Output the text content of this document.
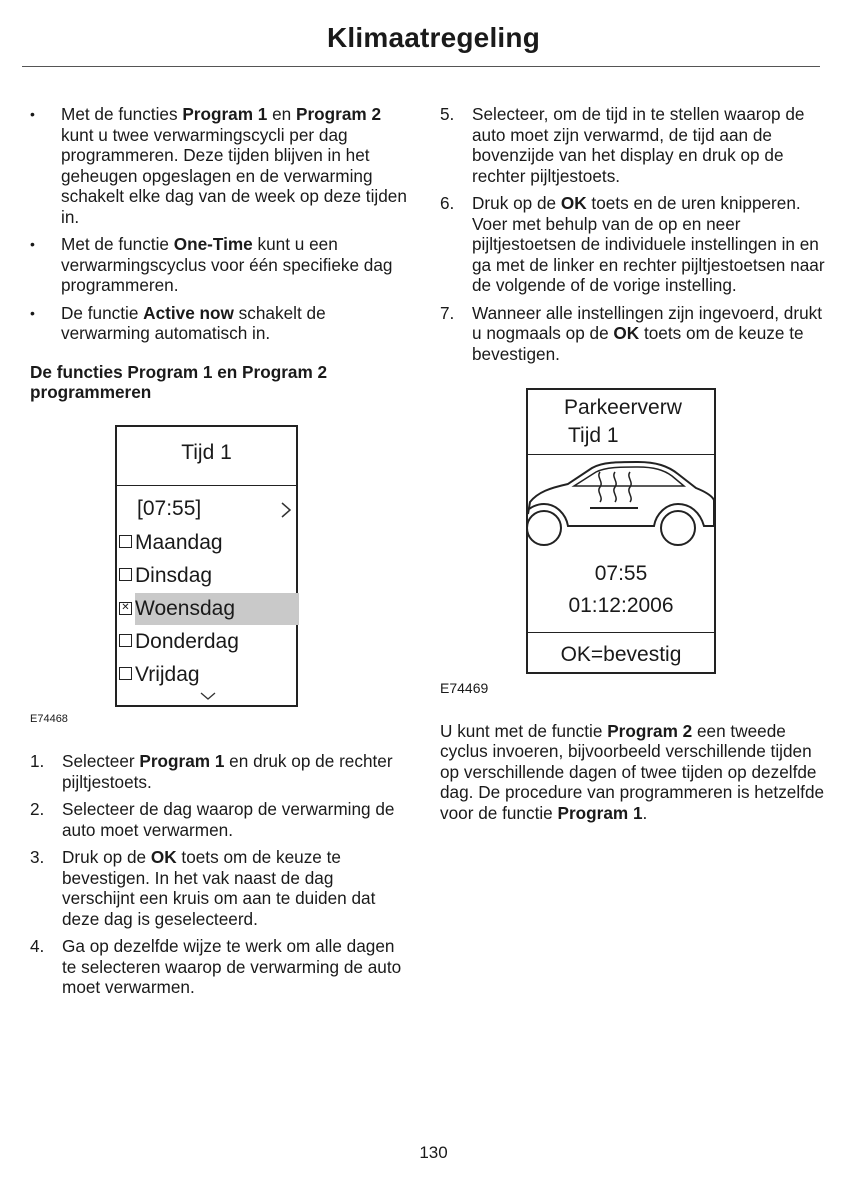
Klimaatregeling
• Met de functies Program 1 en Program 2 kunt u twee verwarmingscycli per dag programmeren. Deze tijden blijven in het geheugen opgeslagen en de verwarming schakelt elke dag van de week op deze tijden in.
• Met de functie One-Time kunt u een verwarmingscyclus voor één specifieke dag programmeren.
• De functie Active now schakelt de verwarming automatisch in.
De functies Program 1 en Program 2 programmeren
Tijd 1
[07:55]
Maandag
Dinsdag
✕ Woensdag
Donderdag
Vrijdag
E74468
1. Selecteer Program 1 en druk op de rechter pijltjestoets.
2. Selecteer de dag waarop de verwarming de auto moet verwarmen.
3. Druk op de OK toets om de keuze te bevestigen. In het vak naast de dag verschijnt een kruis om aan te duiden dat deze dag is geselecteerd.
4. Ga op dezelfde wijze te werk om alle dagen te selecteren waarop de verwarming de auto moet verwarmen.
5. Selecteer, om de tijd in te stellen waarop de auto moet zijn verwarmd, de tijd aan de bovenzijde van het display en druk op de rechter pijltjestoets.
6. Druk op de OK toets en de uren knipperen. Voer met behulp van de op en neer pijltjestoetsen de individuele instellingen in en ga met de linker en rechter pijltjestoetsen naar de volgende of de vorige instelling.
7. Wanneer alle instellingen zijn ingevoerd, drukt u nogmaals op de OK toets om de keuze te bevestigen.
Parkeerverw
Tijd 1
07:55
01:12:2006
OK=bevestig
E74469
U kunt met de functie Program 2 een tweede cyclus invoeren, bijvoorbeeld verschillende tijden op verschillende dagen of twee tijden op dezelfde dag. De procedure van programmeren is hetzelfde voor de functie Program 1.
130
